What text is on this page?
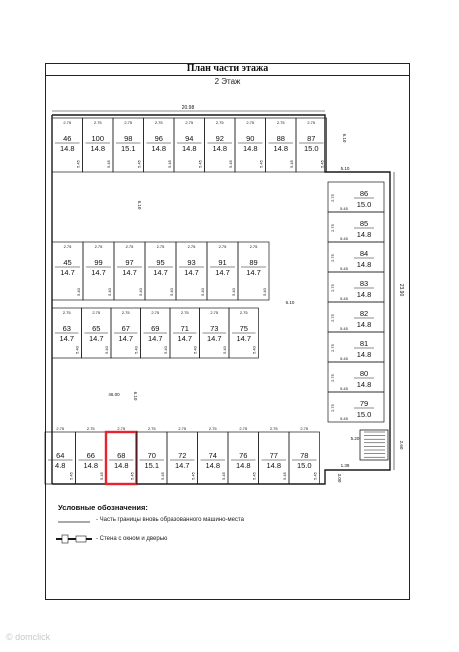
План части этажа
2 Этаж
46
14.8
100
14.8
98
15.1
96
14.8
94
14.8
92
14.8
90
14.8
88
14.8
87
15.0
45
14.7
99
14.7
97
14.7
95
14.7
93
14.7
91
14.7
89
14.7
63
14.7
65
14.7
67
14.7
69
14.7
71
14.7
73
14.7
75
14.7
64
4.8
66
14.8
68
14.8
70
15.1
72
14.7
74
14.8
76
14.8
77
14.8
78
15.0
86
15.0
85
14.8
84
14.8
83
14.8
82
14.8
81
14.8
80
14.8
79
15.0
20.98
23.90
6.10
6.10
46.00	6.10
5.10
6.10
2.75
5.45
2.75
5.45
2.75
5.45
2.75
5.45
2.75
5.45
2.75
5.45
2.75
5.45
2.75
5.45
2.75
5.45
2.75
5.40
2.75
5.40
2.75
5.40
2.75
5.40
2.75
5.40
2.75
5.40
2.75
5.40
2.75
5.40
2.75
5.40
2.75
5.40
2.75
5.40
2.75
5.40
2.75
5.40
2.75
5.40
2.75
5.45
2.75
5.45
2.75
5.45
2.75
5.45
2.75
5.45
2.75
5.45
2.75
5.45
2.75
5.45
2.75
5.45
2.75
5.45
2.75
5.45
2.75
5.45
2.75
5.45
2.75
5.45
2.75
5.45
2.75
5.45
2.75
5.45
5.20
2.60
1.38
3.00
Условные обозначения:
- Часть границы вновь образованного машино-места
- Стена с окном и дверью
© domclick
